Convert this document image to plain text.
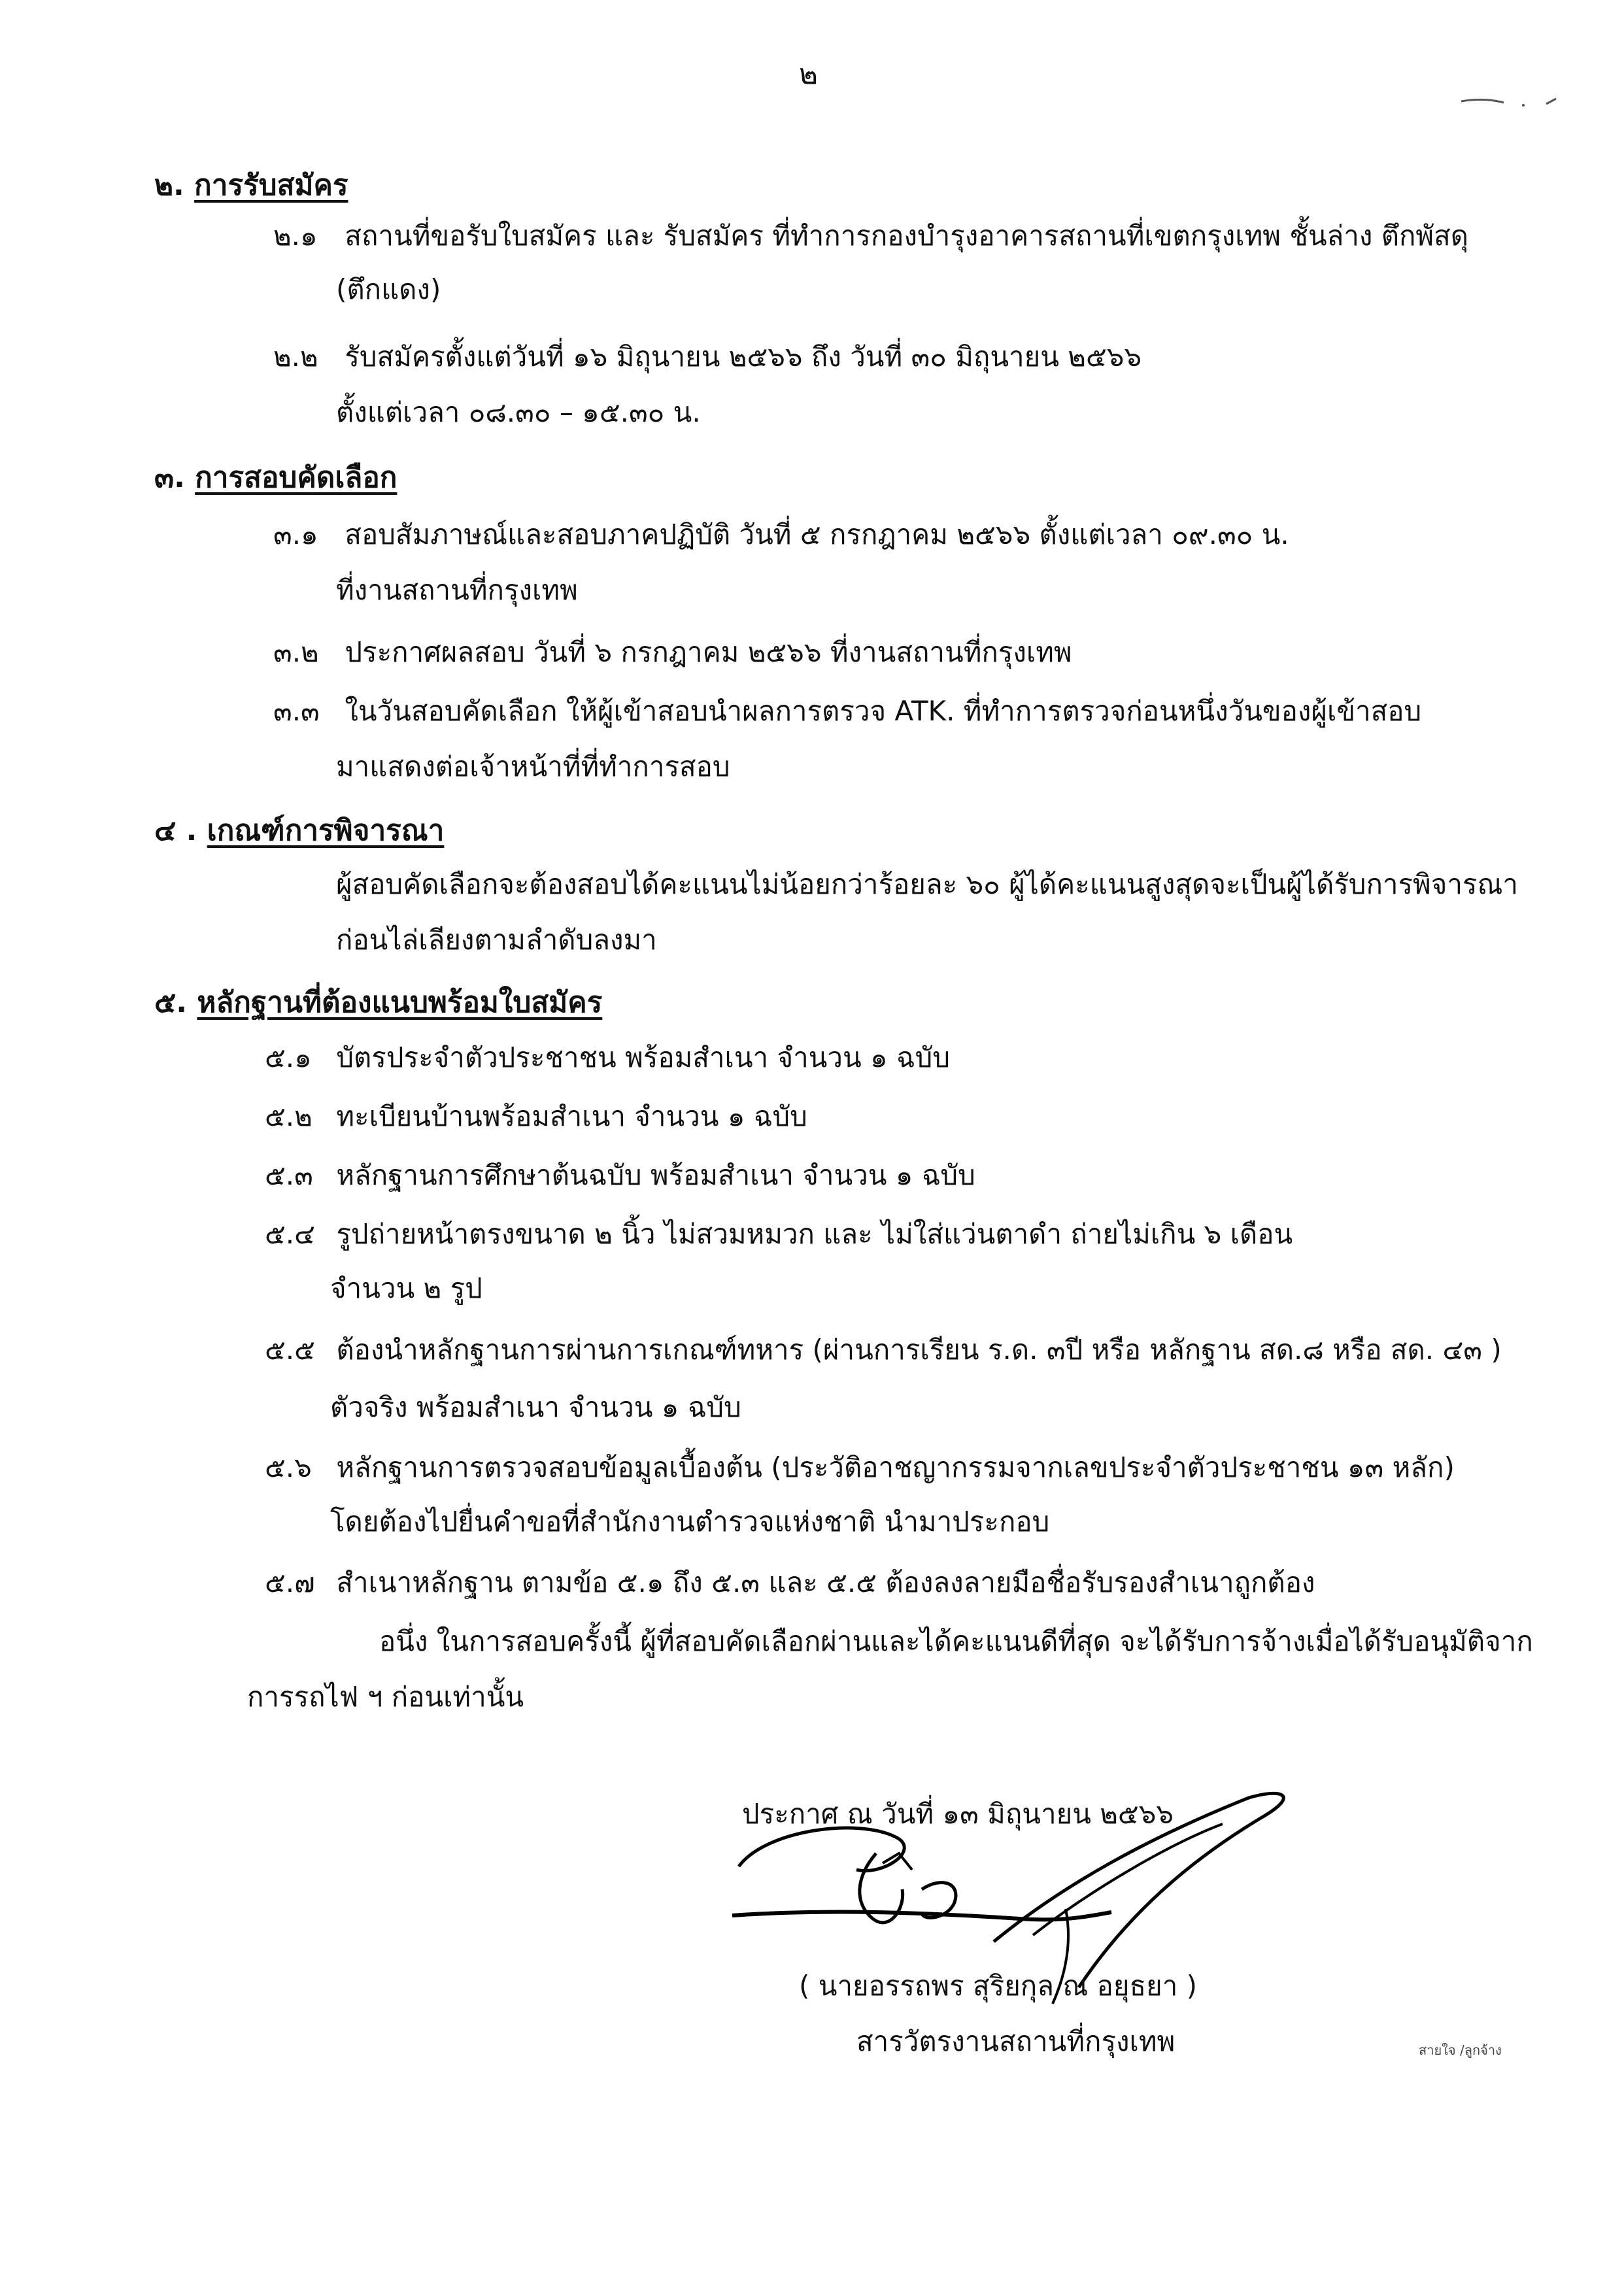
๒
๒. การรับสมัคร
๒.๑ สถานที่ขอรับใบสมัคร และ รับสมัคร ที่ทำการกองบำรุงอาคารสถานที่เขตกรุงเทพ ชั้นล่าง ตึกพัสดุ
(ตึกแดง)
๒.๒ รับสมัครตั้งแต่วันที่ ๑๖ มิถุนายน ๒๕๖๖ ถึง วันที่ ๓๐ มิถุนายน ๒๕๖๖
ตั้งแต่เวลา ๐๘.๓๐ – ๑๕.๓๐ น.
๓. การสอบคัดเลือก
๓.๑ สอบสัมภาษณ์และสอบภาคปฏิบัติ วันที่ ๕ กรกฎาคม ๒๕๖๖ ตั้งแต่เวลา ๐๙.๓๐ น.
ที่งานสถานที่กรุงเทพ
๓.๒ ประกาศผลสอบ วันที่ ๖ กรกฎาคม ๒๕๖๖ ที่งานสถานที่กรุงเทพ
๓.๓ ในวันสอบคัดเลือก ให้ผู้เข้าสอบนำผลการตรวจ ATK. ที่ทำการตรวจก่อนหนึ่งวันของผู้เข้าสอบ
มาแสดงต่อเจ้าหน้าที่ที่ทำการสอบ
๔ . เกณฑ์การพิจารณา
ผู้สอบคัดเลือกจะต้องสอบได้คะแนนไม่น้อยกว่าร้อยละ ๖๐ ผู้ได้คะแนนสูงสุดจะเป็นผู้ได้รับการพิจารณา
ก่อนไล่เลียงตามลำดับลงมา
๕. หลักฐานที่ต้องแนบพร้อมใบสมัคร
๕.๑ บัตรประจำตัวประชาชน พร้อมสำเนา จำนวน ๑ ฉบับ
๕.๒ ทะเบียนบ้านพร้อมสำเนา จำนวน ๑ ฉบับ
๕.๓ หลักฐานการศึกษาต้นฉบับ พร้อมสำเนา จำนวน ๑ ฉบับ
๕.๔ รูปถ่ายหน้าตรงขนาด ๒ นิ้ว ไม่สวมหมวก และ ไม่ใส่แว่นตาดำ ถ่ายไม่เกิน ๖ เดือน
จำนวน ๒ รูป
๕.๕ ต้องนำหลักฐานการผ่านการเกณฑ์ทหาร (ผ่านการเรียน ร.ด. ๓ปี หรือ หลักฐาน สด.๘ หรือ สด. ๔๓ )
ตัวจริง พร้อมสำเนา จำนวน ๑ ฉบับ
๕.๖ หลักฐานการตรวจสอบข้อมูลเบื้องต้น (ประวัติอาชญากรรมจากเลขประจำตัวประชาชน ๑๓ หลัก)
โดยต้องไปยื่นคำขอที่สำนักงานตำรวจแห่งชาติ นำมาประกอบ
๕.๗ สำเนาหลักฐาน ตามข้อ ๕.๑ ถึง ๕.๓ และ ๕.๕ ต้องลงลายมือชื่อรับรองสำเนาถูกต้อง
อนึ่ง ในการสอบครั้งนี้ ผู้ที่สอบคัดเลือกผ่านและได้คะแนนดีที่สุด จะได้รับการจ้างเมื่อได้รับอนุมัติจาก
การรถไฟ ฯ ก่อนเท่านั้น
ประกาศ ณ วันที่ ๑๓ มิถุนายน ๒๕๖๖
( นายอรรถพร สุริยกุล ณ อยุธยา )
สารวัตรงานสถานที่กรุงเทพ	สายใจ /ลูกจ้าง
